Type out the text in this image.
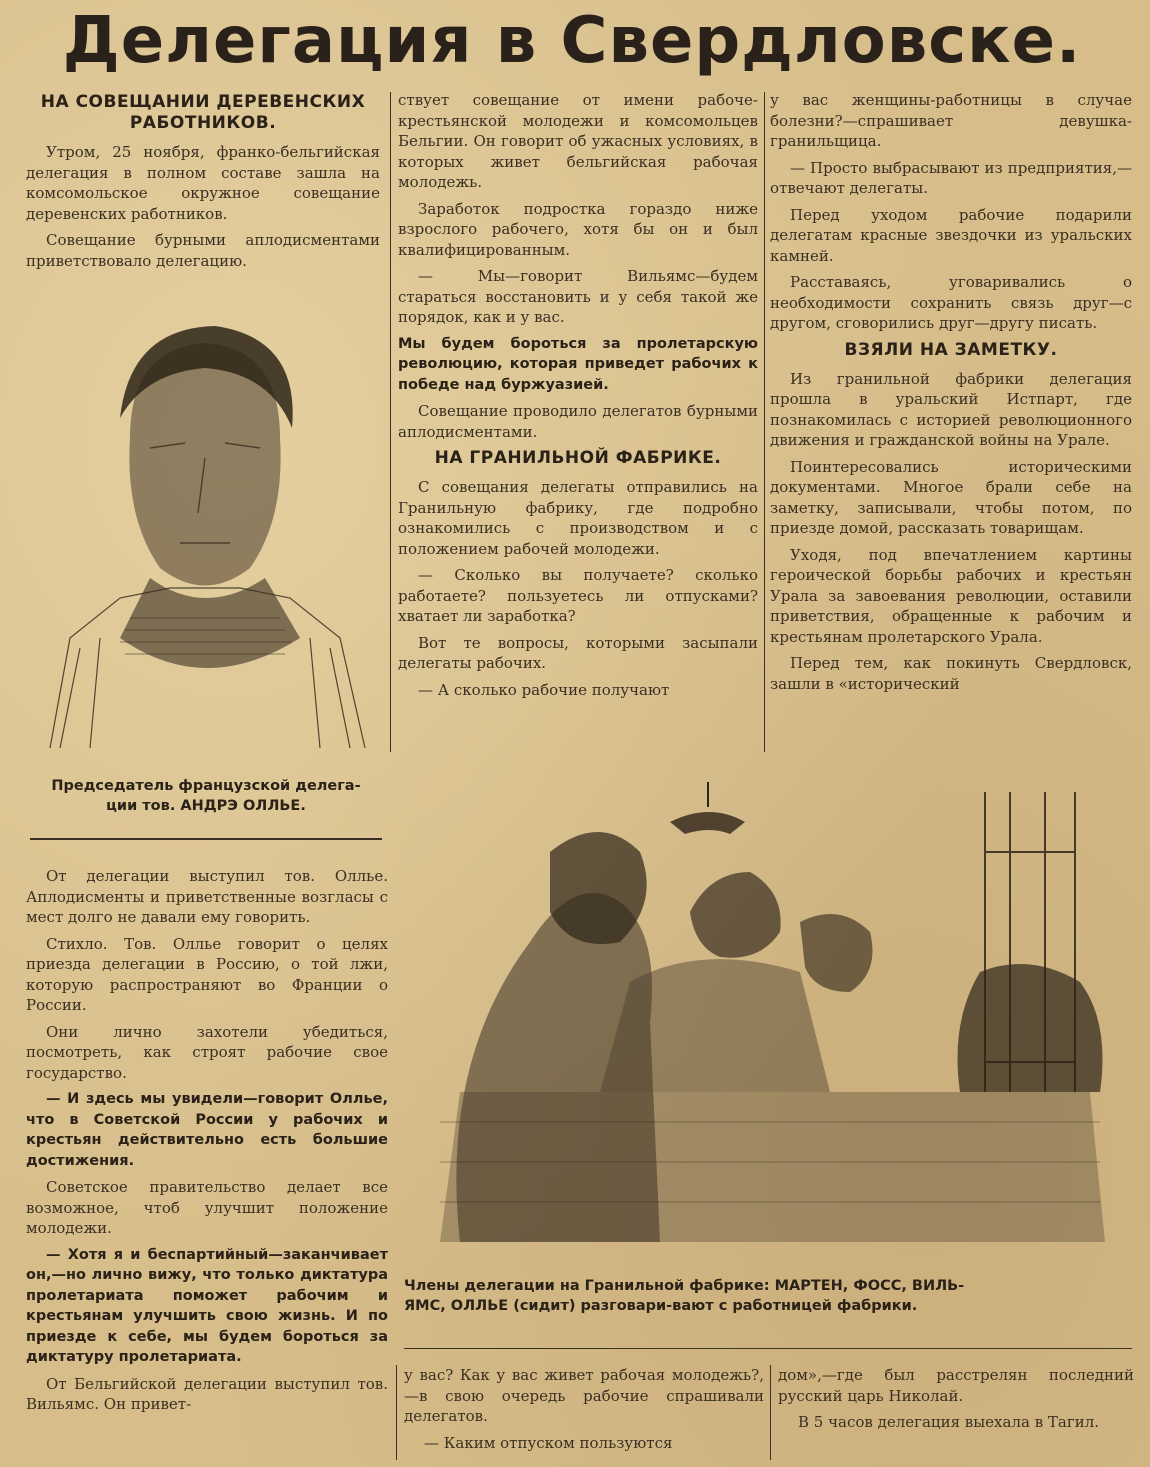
Делегация в Свердловске.
НА СОВЕЩАНИИ ДЕРЕВЕНСКИХ РАБОТНИКОВ.

Утром, 25 ноября, франко-бельгийская делегация в полном составе зашла на комсомольское окружное совещание деревенских работников.

Совещание бурными аплодисментами приветствовало делегацию.

Председатель французской делега-
ции тов. АНДРЭ ОЛЛЬЕ.

От делегации выступил тов. Оллье. Аплодисменты и приветственные возгласы с мест долго не давали ему говорить.

Стихло. Тов. Оллье говорит о целях приезда делегации в Россию, о той лжи, которую распространяют во Франции о России.

Они лично захотели убедиться, посмотреть, как строят рабочие свое государство.

— И здесь мы увидели—говорит Оллье, что в Советской России у рабочих и крестьян действительно есть большие достижения.

Советское правительство делает все возможное, чтоб улучшит положение молодежи.

— Хотя я и беспартийный—заканчивает он,—но лично вижу, что только диктатура пролетариата поможет рабочим и крестьянам улучшить свою жизнь. И по приезде к себе, мы будем бороться за диктатуру пролетариата.

От Бельгийской делегации выступил тов. Вильямс. Он привет-

ствует совещание от имени рабоче-крестьянской молодежи и комсомольцев Бельгии. Он говорит об ужасных условиях, в которых живет бельгийская рабочая молодежь.

Заработок подростка гораздо ниже взрослого рабочего, хотя бы он и был квалифицированным.

— Мы—говорит Вильямс—будем стараться восстановить и у себя такой же порядок, как и у вас.

Мы будем бороться за пролетарскую революцию, которая приведет рабочих к победе над буржуазией.

Совещание проводило делегатов бурными аплодисментами.

НА ГРАНИЛЬНОЙ ФАБРИКЕ.

С совещания делегаты отправились на Гранильную фабрику, где подробно ознакомились с производством и с положением рабочей молодежи.

— Сколько вы получаете? сколько работаете? пользуетесь ли отпусками? хватает ли заработка?

Вот те вопросы, которыми засыпали делегаты рабочих.

— А сколько рабочие получают

у вас женщины-работницы в случае болезни?—спрашивает девушка-гранильщица.

— Просто выбрасывают из предприятия,—отвечают делегаты.

Перед уходом рабочие подарили делегатам красные звездочки из уральских камней.

Расставаясь, уговаривались о необходимости сохранить связь друг—с другом, сговорились друг—другу писать.

ВЗЯЛИ НА ЗАМЕТКУ.

Из гранильной фабрики делегация прошла в уральский Истпарт, где познакомилась с историей революционного движения и гражданской войны на Урале.

Поинтересовались историческими документами. Многое брали себе на заметку, записывали, чтобы потом, по приезде домой, рассказать товарищам.

Уходя, под впечатлением картины героической борьбы рабочих и крестьян Урала за завоевания революции, оставили приветствия, обращенные к рабочим и крестьянам пролетарского Урала.

Перед тем, как покинуть Свердловск, зашли в «исторический

Члены делегации на Гранильной фабрике: МАРТЕН, ФОСС, ВИЛЬ-
ЯМС, ОЛЛЬЕ (сидит) разговари-вают с работницей фабрики.

у вас? Как у вас живет рабочая молодежь?,—в свою очередь рабочие спрашивали делегатов.

— Каким отпуском пользуются

дом»,—где был расстрелян последний русский царь Николай.

В 5 часов делегация выехала в Тагил.
